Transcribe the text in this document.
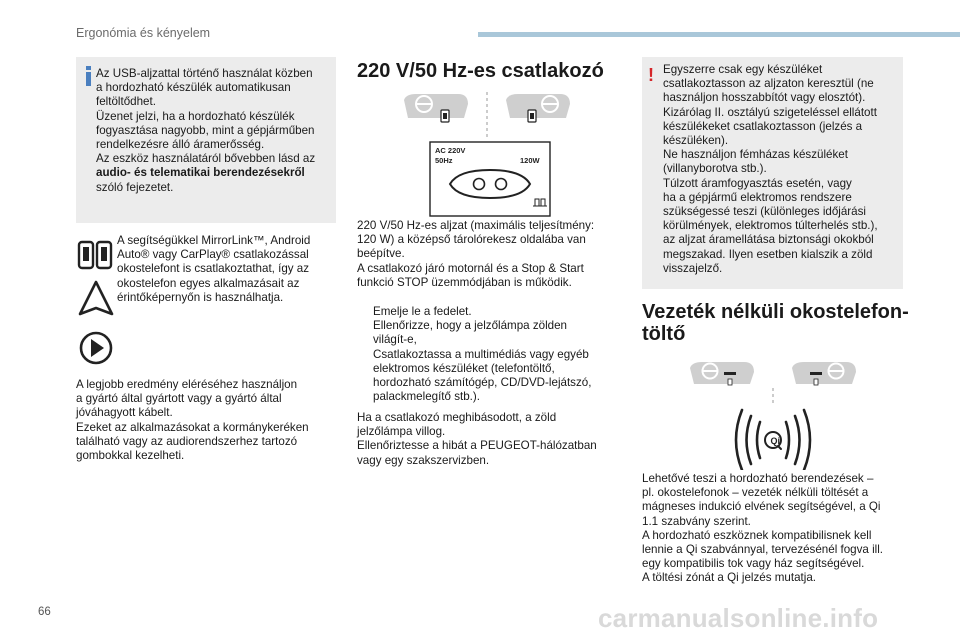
Ergonómia és kényelem

Az USB-aljzattal történő használat közben

a hordozható készülék automatikusan

feltöltődhet.

Üzenet jelzi, ha a hordozható készülék

fogyasztása nagyobb, mint a gépjárműben

rendelkezésre álló áramerősség.

Az eszköz használatáról bővebben lásd az

audio- és telematikai berendezésekről

szóló fejezetet.

A segítségükkel MirrorLink™, Android

Auto® vagy CarPlay® csatlakozással

okostelefont is csatlakoztathat, így az

okostelefon egyes alkalmazásait az

érintőképernyőn is használhatja.

A legjobb eredmény eléréséhez használjon

a gyártó által gyártott vagy a gyártó által

jóváhagyott kábelt.

Ezeket az alkalmazásokat a kormánykeréken

található vagy az audiorendszerhez tartozó

gombokkal kezelheti.

220 V/50 Hz-es csatlakozó
AC 220V
50Hz	120W

220 V/50 Hz-es aljzat (maximális teljesítmény:

120 W) a középső tárolórekesz oldalába van

beépítve.

A csatlakozó járó motornál és a Stop & Start

funkció STOP üzemmódjában is működik.

Emelje le a fedelet.

Ellenőrizze, hogy a jelzőlámpa zölden

világít-e,

Csatlakoztassa a multimédiás vagy egyéb

elektromos készüléket (telefontöltő,

hordozható számítógép, CD/DVD-lejátszó,

palackmelegítő stb.).

Ha a csatlakozó meghibásodott, a zöld

jelzőlámpa villog.

Ellenőriztesse a hibát a PEUGEOT-hálózatban

vagy egy szakszervizben.

! Egyszerre csak egy készüléket

csatlakoztasson az aljzaton keresztül (ne

használjon hosszabbítót vagy elosztót).

Kizárólag II. osztályú szigeteléssel ellátott

készülékeket csatlakoztasson (jelzés a

készüléken).

Ne használjon fémházas készüléket

(villanyborotva stb.).

Túlzott áramfogyasztás esetén, vagy

ha a gépjármű elektromos rendszere

szükségessé teszi (különleges időjárási

körülmények, elektromos túlterhelés stb.),

az aljzat áramellátása biztonsági okokból

megszakad. Ilyen esetben kialszik a zöld

visszajelző.

Vezeték nélküli okostelefon-
töltő
Qi

Lehetővé teszi a hordozható berendezések –

pl. okostelefonok – vezeték nélküli töltését a

mágneses indukció elvének segítségével, a Qi

1.1 szabvány szerint.

A hordozható eszköznek kompatibilisnek kell

lennie a Qi szabvánnyal, tervezésénél fogva ill.

egy kompatibilis tok vagy ház segítségével.

A töltési zónát a Qi jelzés mutatja.

66	carmanualsonline.info
